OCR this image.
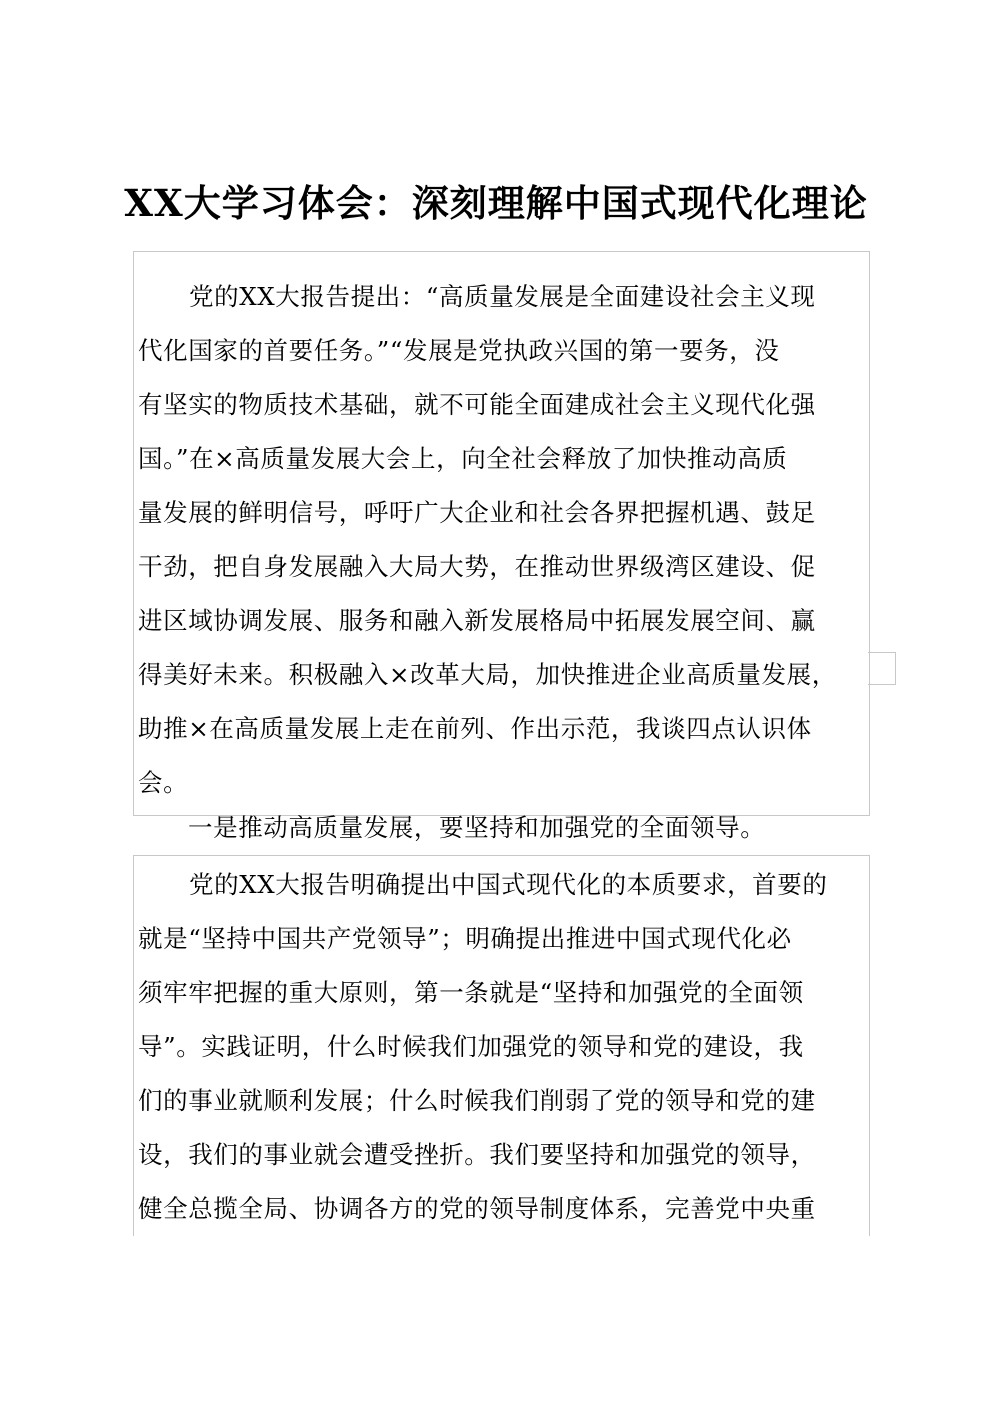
XX大学习体会：深刻理解中国式现代化理论
党的XX大报告提出：“高质量发展是全面建设社会主义现
代化国家的首要任务。”“发展是党执政兴国的第一要务，没
有坚实的物质技术基础，就不可能全面建成社会主义现代化强
国。”在×高质量发展大会上，向全社会释放了加快推动高质
量发展的鲜明信号，呼吁广大企业和社会各界把握机遇、鼓足
干劲，把自身发展融入大局大势，在推动世界级湾区建设、促
进区域协调发展、服务和融入新发展格局中拓展发展空间、赢
得美好未来。积极融入×改革大局，加快推进企业高质量发展，
助推×在高质量发展上走在前列、作出示范，我谈四点认识体
会。
一是推动高质量发展，要坚持和加强党的全面领导。
党的XX大报告明确提出中国式现代化的本质要求，首要的
就是“坚持中国共产党领导”；明确提出推进中国式现代化必
须牢牢把握的重大原则，第一条就是“坚持和加强党的全面领
导”。实践证明，什么时候我们加强党的领导和党的建设，我
们的事业就顺利发展；什么时候我们削弱了党的领导和党的建
设，我们的事业就会遭受挫折。我们要坚持和加强党的领导，
健全总揽全局、协调各方的党的领导制度体系，完善党中央重
